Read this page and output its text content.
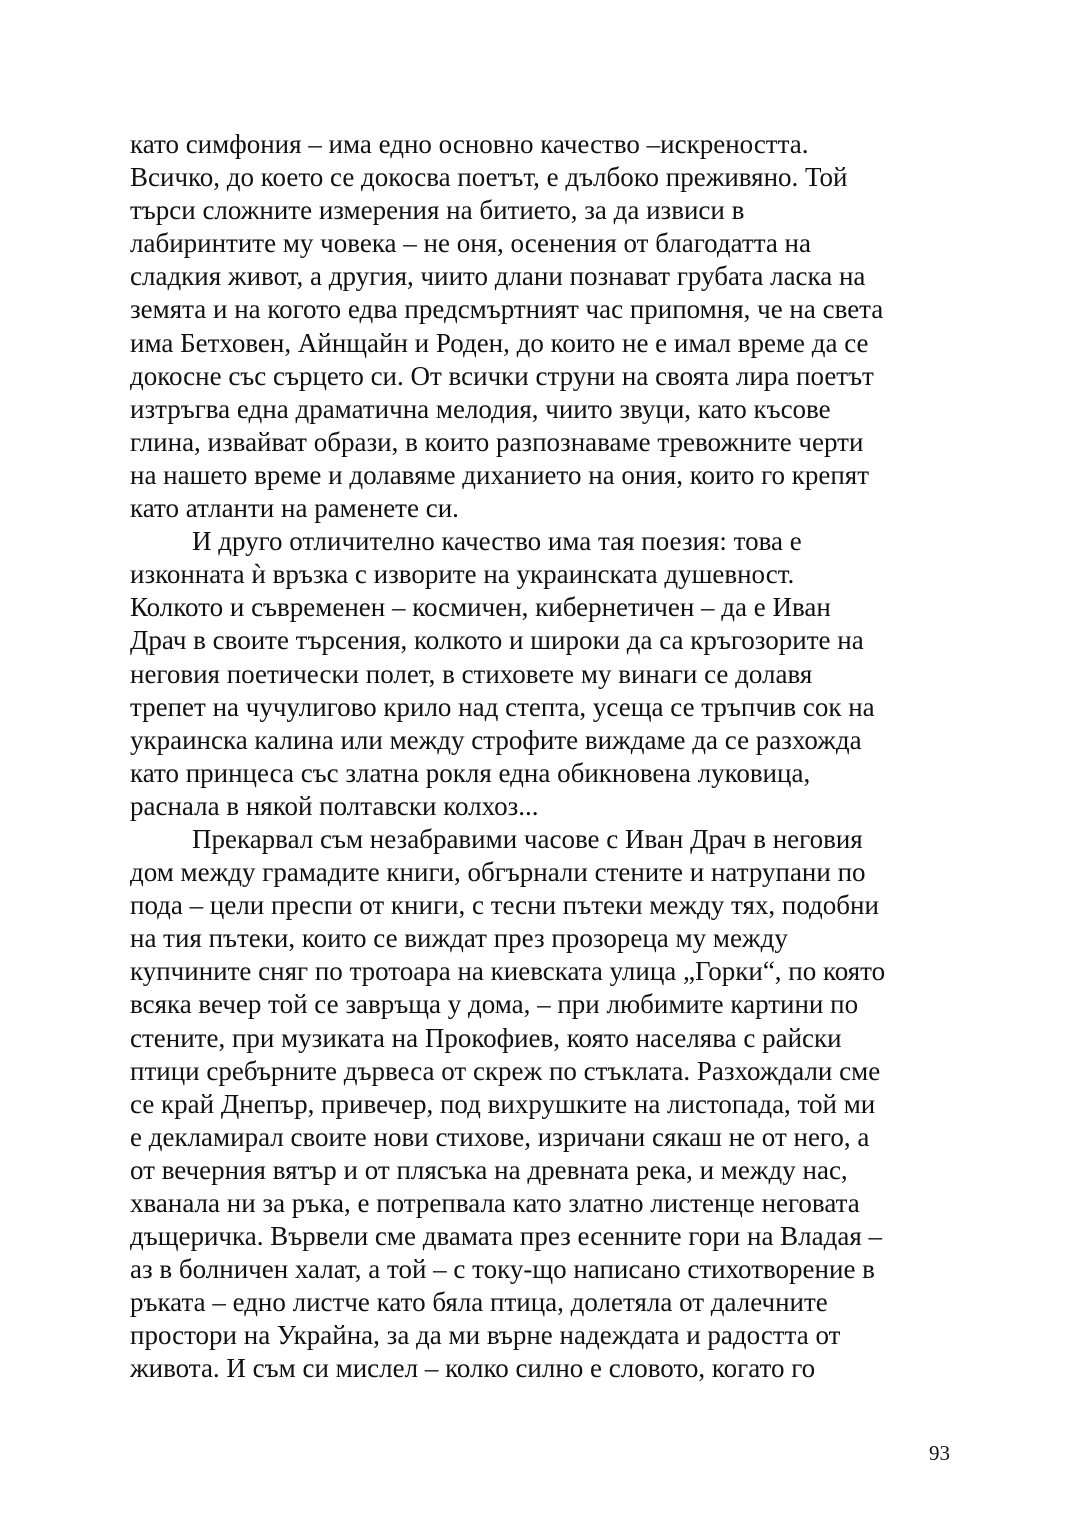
като симфония – има едно основно качество –искреността.
Всичко, до което се докосва поетът, е дълбоко преживяно. Той
търси сложните измерения на битието, за да извиси в
лабиринтите му човека – не оня, осенения от благодатта на
сладкия живот, а другия, чиито длани познават грубата ласка на
земята и на когото едва предсмъртният час припомня, че на света
има Бетховен, Айнщайн и Роден, до които не е имал време да се
докосне със сърцето си. От всички струни на своята лира поетът
изтръгва една драматична мелодия, чиито звуци, като късове
глина, извайват образи, в които разпознаваме тревожните черти
на нашето време и долавяме диханието на ония, които го крепят
като атланти на раменете си.
И друго отличително качество има тая поезия: това е
изконната ѝ връзка с изворите на украинската душевност.
Колкото и съвременен – космичен, кибернетичен – да е Иван
Драч в своите търсения, колкото и широки да са кръгозорите на
неговия поетически полет, в стиховете му винаги се долавя
трепет на чучулигово крило над степта, усеща се тръпчив сок на
украинска калина или между строфите виждаме да се разхожда
като принцеса със златна рокля една обикновена луковица,
раснала в някой полтавски колхоз...
Прекарвал съм незабравими часове с Иван Драч в неговия
дом между грамадите книги, обгърнали стените и натрупани по
пода – цели преспи от книги, с тесни пътеки между тях, подобни
на тия пътеки, които се виждат през прозореца му между
купчините сняг по тротоара на киевската улица „Горки“, по която
всяка вечер той се завръща у дома, – при любимите картини по
стените, при музиката на Прокофиев, която населява с райски
птици сребърните дървеса от скреж по стъклата. Разхождали сме
се край Днепър, привечер, под вихрушките на листопада, той ми
е декламирал своите нови стихове, изричани сякаш не от него, а
от вечерния вятър и от плясъка на древната река, и между нас,
хванала ни за ръка, е потрепвала като златно листенце неговата
дъщеричка. Вървели сме двамата през есенните гори на Владая –
аз в болничен халат, а той – с току-що написано стихотворение в
ръката – едно листче като бяла птица, долетяла от далечните
простори на Украйна, за да ми върне надеждата и радостта от
живота. И съм си мислел – колко силно е словото, когато го
93
